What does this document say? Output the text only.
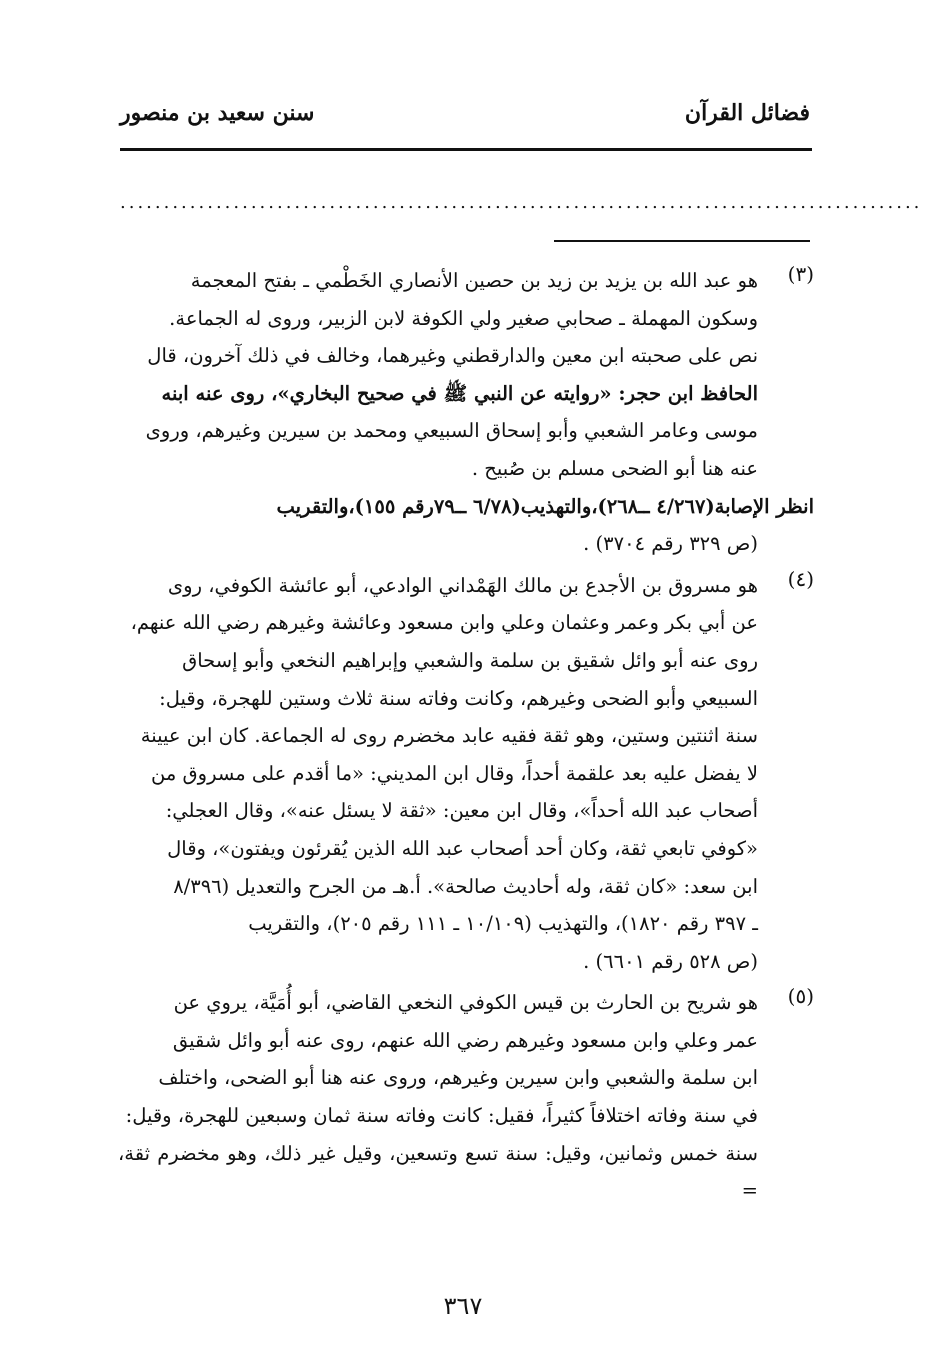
فضائل القرآن
سنن سعيد بن منصور
............................................................................................
(٣)

هو عبد الله بن يزيد بن زيد بن حصين الأنصاري الخَطْمي ـ بفتح المعجمة

وسكون المهملة ـ صحابي صغير ولي الكوفة لابن الزبير، وروى له الجماعة.

نص على صحبته ابن معين والدارقطني وغيرهما، وخالف في ذلك آخرون، قال

الحافظ ابن حجر: «روايته عن النبي ﷺ في صحيح البخاري»، روى عنه ابنه

موسى وعامر الشعبي وأبو إسحاق السبيعي ومحمد بن سيرين وغيرهم، وروى

عنه هنا أبو الضحى مسلم بن صُبيح .

انظر الإصابة(٤/٢٦٧ ــ٢٦٨)،والتهذيب(٦/٧٨ ــ٧٩رقم ١٥٥)،والتقريب

(ص ٣٢٩ رقم ٣٧٠٤) .

(٤)

هو مسروق بن الأجدع بن مالك الهَمْداني الوادعي، أبو عائشة الكوفي، روى

عن أبي بكر وعمر وعثمان وعلي وابن مسعود وعائشة وغيرهم رضي الله عنهم،

روى عنه أبو وائل شقيق بن سلمة والشعبي وإبراهيم النخعي وأبو إسحاق

السبيعي وأبو الضحى وغيرهم، وكانت وفاته سنة ثلاث وستين للهجرة، وقيل:

سنة اثنتين وستين، وهو ثقة فقيه عابد مخضرم روى له الجماعة. كان ابن عيينة

لا يفضل عليه بعد علقمة أحداً، وقال ابن المديني: «ما أقدم على مسروق من

أصحاب عبد الله أحداً»، وقال ابن معين: «ثقة لا يسئل عنه»، وقال العجلي:

«كوفي تابعي ثقة، وكان أحد أصحاب عبد الله الذين يُقرئون ويفتون»، وقال

ابن سعد: «كان ثقة، وله أحاديث صالحة». أ.هـ من الجرح والتعديل (٨/٣٩٦

ـ ٣٩٧ رقم ١٨٢٠)، والتهذيب (١٠/١٠٩ ـ ١١١ رقم ٢٠٥)، والتقريب

(ص ٥٢٨ رقم ٦٦٠١) .

(٥)

هو شريح بن الحارث بن قيس الكوفي النخعي القاضي، أبو أُمَيَّة، يروي عن

عمر وعلي وابن مسعود وغيرهم رضي الله عنهم، روى عنه أبو وائل شقيق

ابن سلمة والشعبي وابن سيرين وغيرهم، وروى عنه هنا أبو الضحى، واختلف

في سنة وفاته اختلافاً كثيراً، فقيل: كانت وفاته سنة ثمان وسبعين للهجرة، وقيل:

سنة خمس وثمانين، وقيل: سنة تسع وتسعين، وقيل غير ذلك، وهو مخضرم ثقة، =

٣٦٧
